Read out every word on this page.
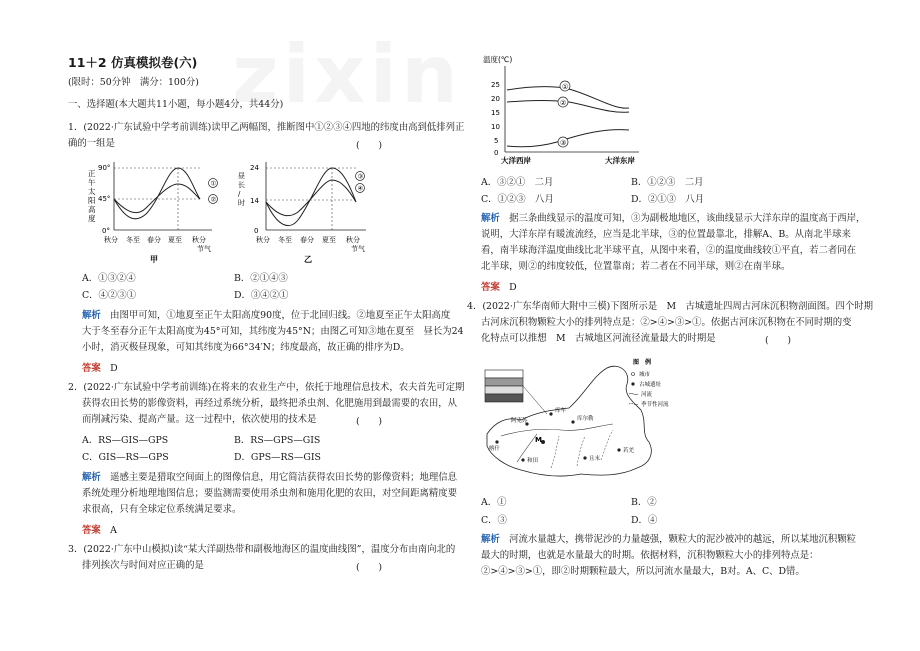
11＋2 仿真模拟卷(六)
(限时：50分钟　满分：100分)
一、选择题(本大题共11小题，每小题4分，共44分)
1．(2022·广东试验中学考前训练)读甲乙两幅图，推断图中①②③④四地的纬度由高到低排列正
确的一组是	(　　)
正
午
太
阳
高
度
90°
45°
0°
①
②
秋分 冬至 春分 夏至 秋分
节气
甲
昼
长
/
时
24
14
0
③
④
秋分 冬至 春分 夏至 秋分
节气
乙
A．①③②④	B．②①④③
C．④②③①	D．③④②①
解析　 由图甲可知，①地夏至正午太阳高度90度，位于北回归线。②地夏至正午太阳高度
大于冬至春分正午太阳高度为45°可知，其纬度为45°N；由图乙可知③地在夏至　昼长为24
小时，消灭极昼现象，可知其纬度为66°34′N；纬度最高，故正确的排序为D。
答案　 D
2．(2022·广东试验中学考前训练)在将来的农业生产中，依托于地理信息技术，农夫首先可定期
获得农田长势的影像资料，再经过系统分析，最终把杀虫剂、化肥施用到最需要的农田，从
而削减污染、提高产量。这一过程中，依次使用的技术是	(　　)
A．RS—GIS—GPS	B．RS—GPS—GIS
C．GIS—RS—GPS	D．GPS—RS—GIS
解析　 遥感主要是猎取空间面上的图像信息，用它简洁获得农田长势的影像资料；地理信息
系统处理分析地理地图信息；要监测需要使用杀虫剂和施用化肥的农田，对空间距离精度要
求很高，只有全球定位系统满足要求。
答案　 A
3．(2022·广东中山模拟)读“某大洋副热带和副极地海区的温度曲线图”，温度分布由南向北的
排列挨次与时间对应正确的是	(　　)
温度(℃)
25
20
15
10
5
0
①
②
③
大洋西岸	大洋东岸
A．③②①　二月	B．①②③　二月
C．①②③　八月	D．②①③　八月
解析　 据三条曲线显示的温度可知，③为副极地地区，该曲线显示大洋东岸的温度高于西岸，
说明，大洋东岸有暖流流经，应当是北半球，③的位置最靠北，排解A、B。从南北半球来
看，南半球海洋温度曲线比北半球平直，从图中来看，②的温度曲线较①平直，若二者同在
北半球，则②的纬度较低，位置靠南；若二者在不同半球，则②在南半球。
答案　 D
4．(2022·广东华南师大附中三模)下图所示是　M　古城遗址四周古河床沉积物剖面图。四个时期
古河床沉积物颗粒大小的排列特点是：②>④>③>①。依据古河床沉积物在不同时期的变
化特点可以推想　M　古城地区河流径流量最大的时期是	(　　)
库车
库尔勒
阿克苏
喀什
和田	且末
若羌
M
图　例
城市
古城遗址
河流
季节性河流
A．①	B．②
C．③	D．④
解析　 河流水量越大，携带泥沙的力量越强，颗粒大的泥沙被冲的越远，所以某地沉积颗粒
最大的时期，也就是水量最大的时期。依据材料，沉积物颗粒大小的排列特点是：
②>④>③>①，即②时期颗粒最大，所以河流水量最大，B对。A、C、D错。
